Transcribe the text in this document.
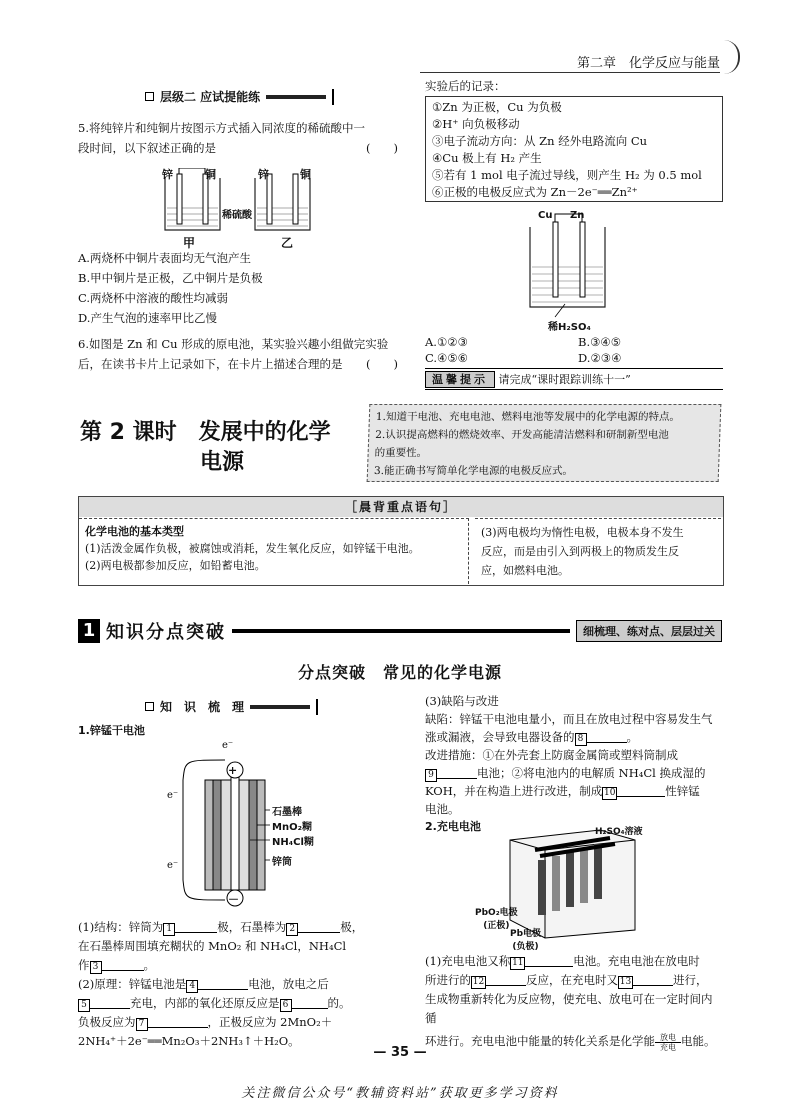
第二章　化学反应与能量
层级二 应试提能练

5.将纯锌片和纯铜片按图示方式插入同浓度的稀硫酸中一

段时间，以下叙述正确的是	(　　)

锌	铜	锌	铜
稀硫酸
甲	乙

A.两烧杯中铜片表面均无气泡产生

B.甲中铜片是正极，乙中铜片是负极

C.两烧杯中溶液的酸性均减弱

D.产生气泡的速率甲比乙慢

6.如图是 Zn 和 Cu 形成的原电池，某实验兴趣小组做完实验

后，在读书卡片上记录如下，在卡片上描述合理的是 (　　)

实验后的记录：

①Zn 为正极，Cu 为负极

②H⁺ 向负极移动

③电子流动方向：从 Zn 经外电路流向 Cu

④Cu 极上有 H₂ 产生

⑤若有 1 mol 电子流过导线，则产生 H₂ 为 0.5 mol

⑥正极的电极反应式为 Zn－2e⁻══Zn²⁺

Cu Zn
稀H₂SO₄
A.①②③	B.③④⑤
C.④⑤⑥	D.②③④
温馨提示 请完成“课时跟踪训练十一”
第 2 课时　发展中的化学
电源
1.知道干电池、充电电池、燃料电池等发展中的化学电源的特点。
2.认识提高燃料的燃烧效率、开发高能清洁燃料和研制新型电池
的重要性。
3.能正确书写简单化学电源的电极反应式。
［晨背重点语句］
化学电池的基本类型
(1)活泼金属作负极，被腐蚀或消耗，发生氧化反应，如锌锰干电池。
(2)两电极都参加反应，如铅蓄电池。
(3)两电极均为惰性电极，电极本身不发生
反应，而是由引入到两极上的物质发生反
应，如燃料电池。
1 知识分点突破	细梳理、练对点、层层过关
分点突破　常见的化学电源
知　识　梳　理
1.锌锰干电池
+
－
e⁻
e⁻
e⁻
石墨棒
MnO₂糊
NH₄Cl糊
锌筒
(1)结构：锌筒为 1	极，石墨棒为 2	极，
在石墨棒周围填充糊状的 MnO₂ 和 NH₄Cl，NH₄Cl
作 3	。
(2)原理：锌锰电池是 4	电池，放电之后
5	充电，内部的氧化还原反应是 6	的。
负极反应为 7	，正极反应为 2MnO₂＋
2NH₄⁺＋2e⁻══Mn₂O₃＋2NH₃↑＋H₂O。
(3)缺陷与改进
缺陷：锌锰干电池电量小，而且在放电过程中容易发生气
涨或漏液，会导致电器设备的 8	。
改进措施：①在外壳套上防腐金属筒或塑料筒制成
9	电池；②将电池内的电解质 NH₄Cl 换成湿的
KOH，并在构造上进行改进，制成 10	性锌锰
电池。
2.充电电池	H₂SO₄溶液
PbO₂电极
(正极)
Pb电极
(负极)
(1)充电电池又称 11	电池。充电电池在放电时
所进行的 12	反应，在充电时又 13	进行，
生成物重新转化为反应物，使充电、放电可在一定时间内循
环进行。充电电池中能量的转化关系是化学能 放电
充电 电能。
— 35 —
关注微信公众号“教辅资料站”获取更多学习资料
